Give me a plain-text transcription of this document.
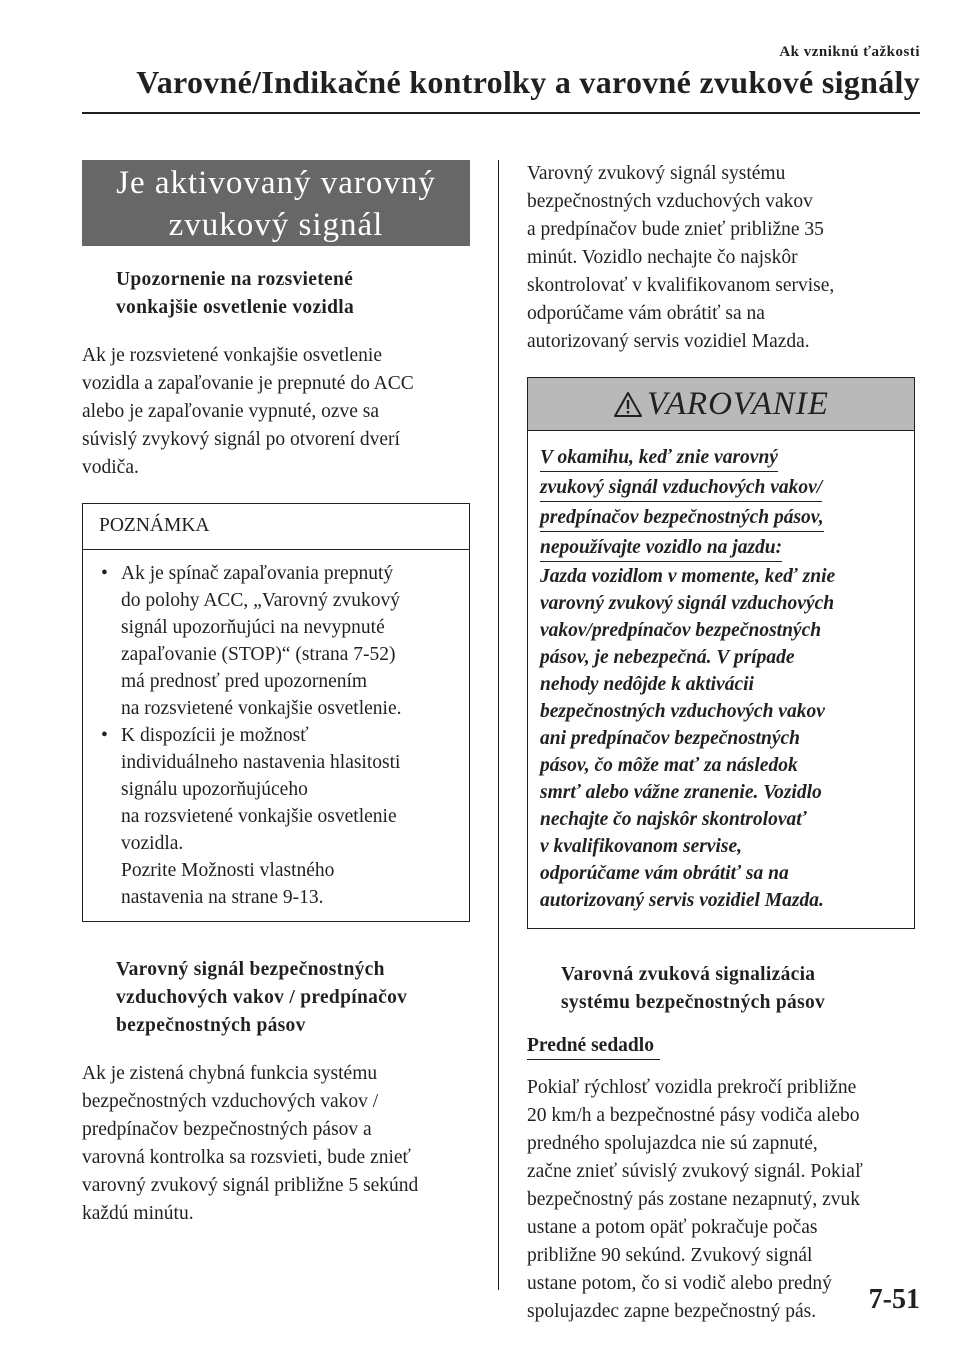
Ak vzniknú ťažkosti
Varovné/Indikačné kontrolky a varovné zvukové signály
Je aktivovaný varovný
zvukový signál
Upozornenie na rozsvietené
vonkajšie osvetlenie vozidla
Ak je rozsvietené vonkajšie osvetlenie
vozidla a zapaľovanie je prepnuté do ACC
alebo je zapaľovanie vypnuté, ozve sa
súvislý zvykový signál po otvorení dverí
vodiča.
POZNÁMKA
• Ak je spínač zapaľovania prepnutý
do polohy ACC, „Varovný zvukový
signál upozorňujúci na nevypnuté
zapaľovanie (STOP)“ (strana 7-52)
má prednosť pred upozornením
na rozsvietené vonkajšie osvetlenie.
• K dispozícii je možnosť
individuálneho nastavenia hlasitosti
signálu upozorňujúceho
na rozsvietené vonkajšie osvetlenie
vozidla.
Pozrite Možnosti vlastného
nastavenia na strane 9-13.
Varovný signál bezpečnostných
vzduchových vakov / predpínačov
bezpečnostných pásov
Ak je zistená chybná funkcia systému
bezpečnostných vzduchových vakov /
predpínačov bezpečnostných pásov a
varovná kontrolka sa rozsvieti, bude znieť
varovný zvukový signál približne 5 sekúnd
každú minútu.
Varovný zvukový signál systému
bezpečnostných vzduchových vakov
a predpínačov bude znieť približne 35
minút. Vozidlo nechajte čo najskôr
skontrolovať v kvalifikovanom servise,
odporúčame vám obrátiť sa na
autorizovaný servis vozidiel Mazda.
VAROVANIE
V okamihu, keď znie varovný
zvukový signál vzduchových vakov/
predpínačov bezpečnostných pásov,
nepoužívajte vozidlo na jazdu:
Jazda vozidlom v momente, keď znie
varovný zvukový signál vzduchových
vakov/predpínačov bezpečnostných
pásov, je nebezpečná. V prípade
nehody nedôjde k aktivácii
bezpečnostných vzduchových vakov
ani predpínačov bezpečnostných
pásov, čo môže mať za následok
smrť alebo vážne zranenie. Vozidlo
nechajte čo najskôr skontrolovať
v kvalifikovanom servise,
odporúčame vám obrátiť sa na
autorizovaný servis vozidiel Mazda.
Varovná zvuková signalizácia
systému bezpečnostných pásov
Predné sedadlo
Pokiaľ rýchlosť vozidla prekročí približne
20 km/h a bezpečnostné pásy vodiča alebo
predného spolujazdca nie sú zapnuté,
začne znieť súvislý zvukový signál. Pokiaľ
bezpečnostný pás zostane nezapnutý, zvuk
ustane a potom opäť pokračuje počas
približne 90 sekúnd. Zvukový signál
ustane potom, čo si vodič alebo predný
spolujazdec zapne bezpečnostný pás.	7-51
